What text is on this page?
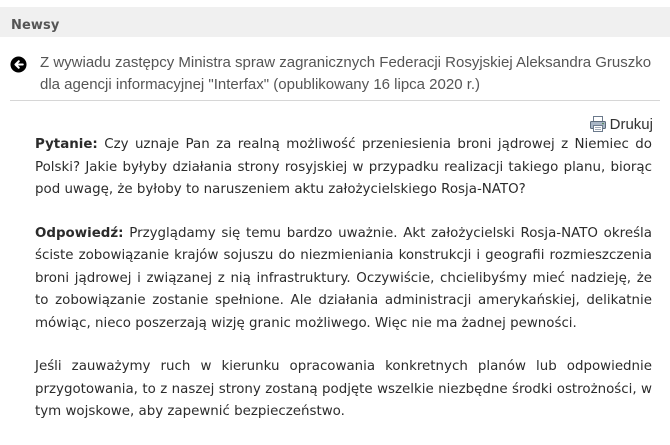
Newsy
Z wywiadu zastępcy Ministra spraw zagranicznych Federacji Rosyjskiej Aleksandra Gruszko dla agencji informacyjnej "Interfax" (opublikowany 16 lipca 2020 r.)
Drukuj

Pytanie: Czy uznaje Pan za realną możliwość przeniesienia broni jądrowej z Niemiec do Polski? Jakie byłyby działania strony rosyjskiej w przypadku realizacji takiego planu, biorąc pod uwagę, że byłoby to naruszeniem aktu założycielskiego Rosja-NATO?

Odpowiedź: Przyglądamy się temu bardzo uważnie. Akt założycielski Rosja-NATO określa ściste zobowiązanie krajów sojuszu do niezmieniania konstrukcji i geografii rozmieszczenia broni jądrowej i związanej z nią infrastruktury. Oczywiście, chcielibyśmy mieć nadzieję, że to zobowiązanie zostanie spełnione. Ale działania administracji amerykańskiej, delikatnie mówiąc, nieco poszerzają wizję granic możliwego. Więc nie ma żadnej pewności.

Jeśli zauważymy ruch w kierunku opracowania konkretnych planów lub odpowiednie przygotowania, to z naszej strony zostaną podjęte wszelkie niezbędne środki ostrożności, w tym wojskowe, aby zapewnić bezpieczeństwo.
